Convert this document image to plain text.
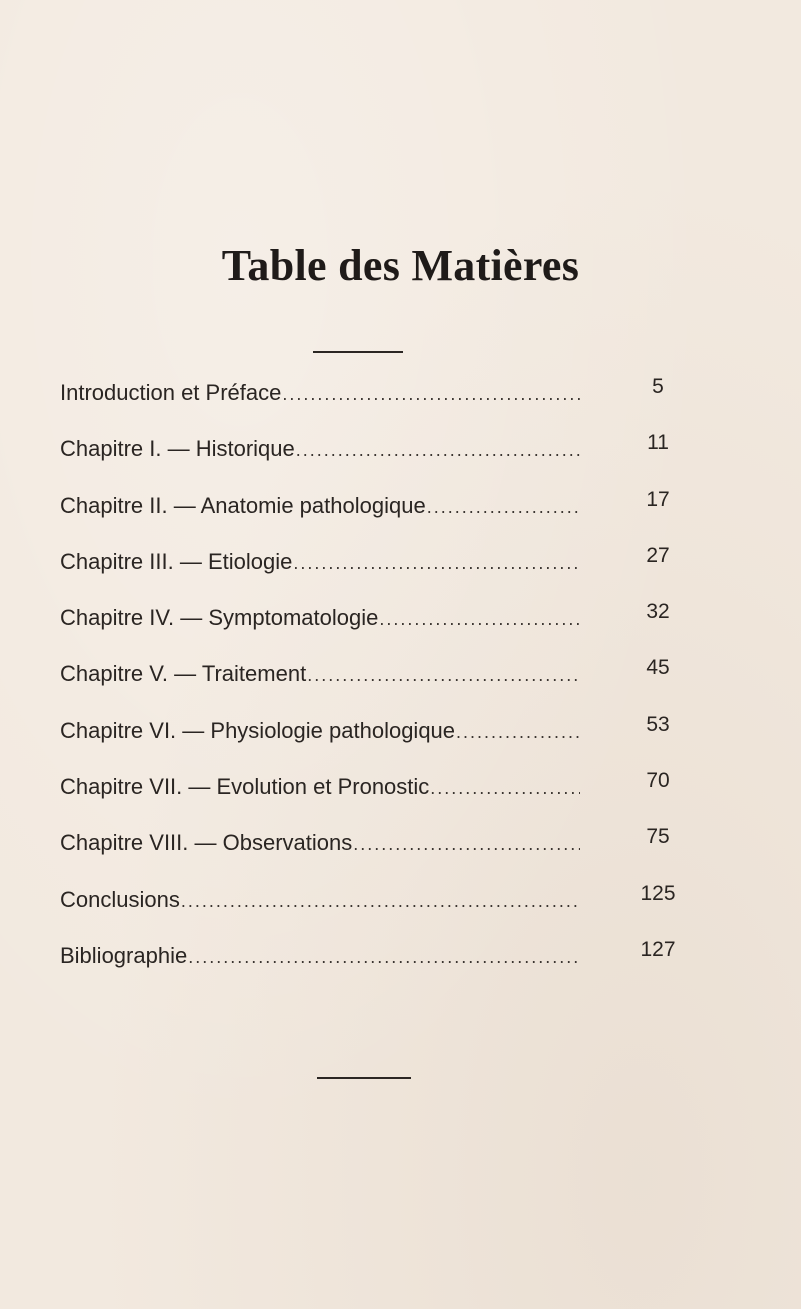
Table des Matières
Introduction et Préface .....	5
Chapitre I. — Historique .....	11
Chapitre II. — Anatomie pathologique .....	17
Chapitre III. — Etiologie .....	27
Chapitre IV. — Symptomatologie .....	32
Chapitre V. — Traitement .....	45
Chapitre VI. — Physiologie pathologique .....	53
Chapitre VII. — Evolution et Pronostic .....	70
Chapitre VIII. — Observations .....	75
Conclusions .....	125
Bibliographie .....	127
